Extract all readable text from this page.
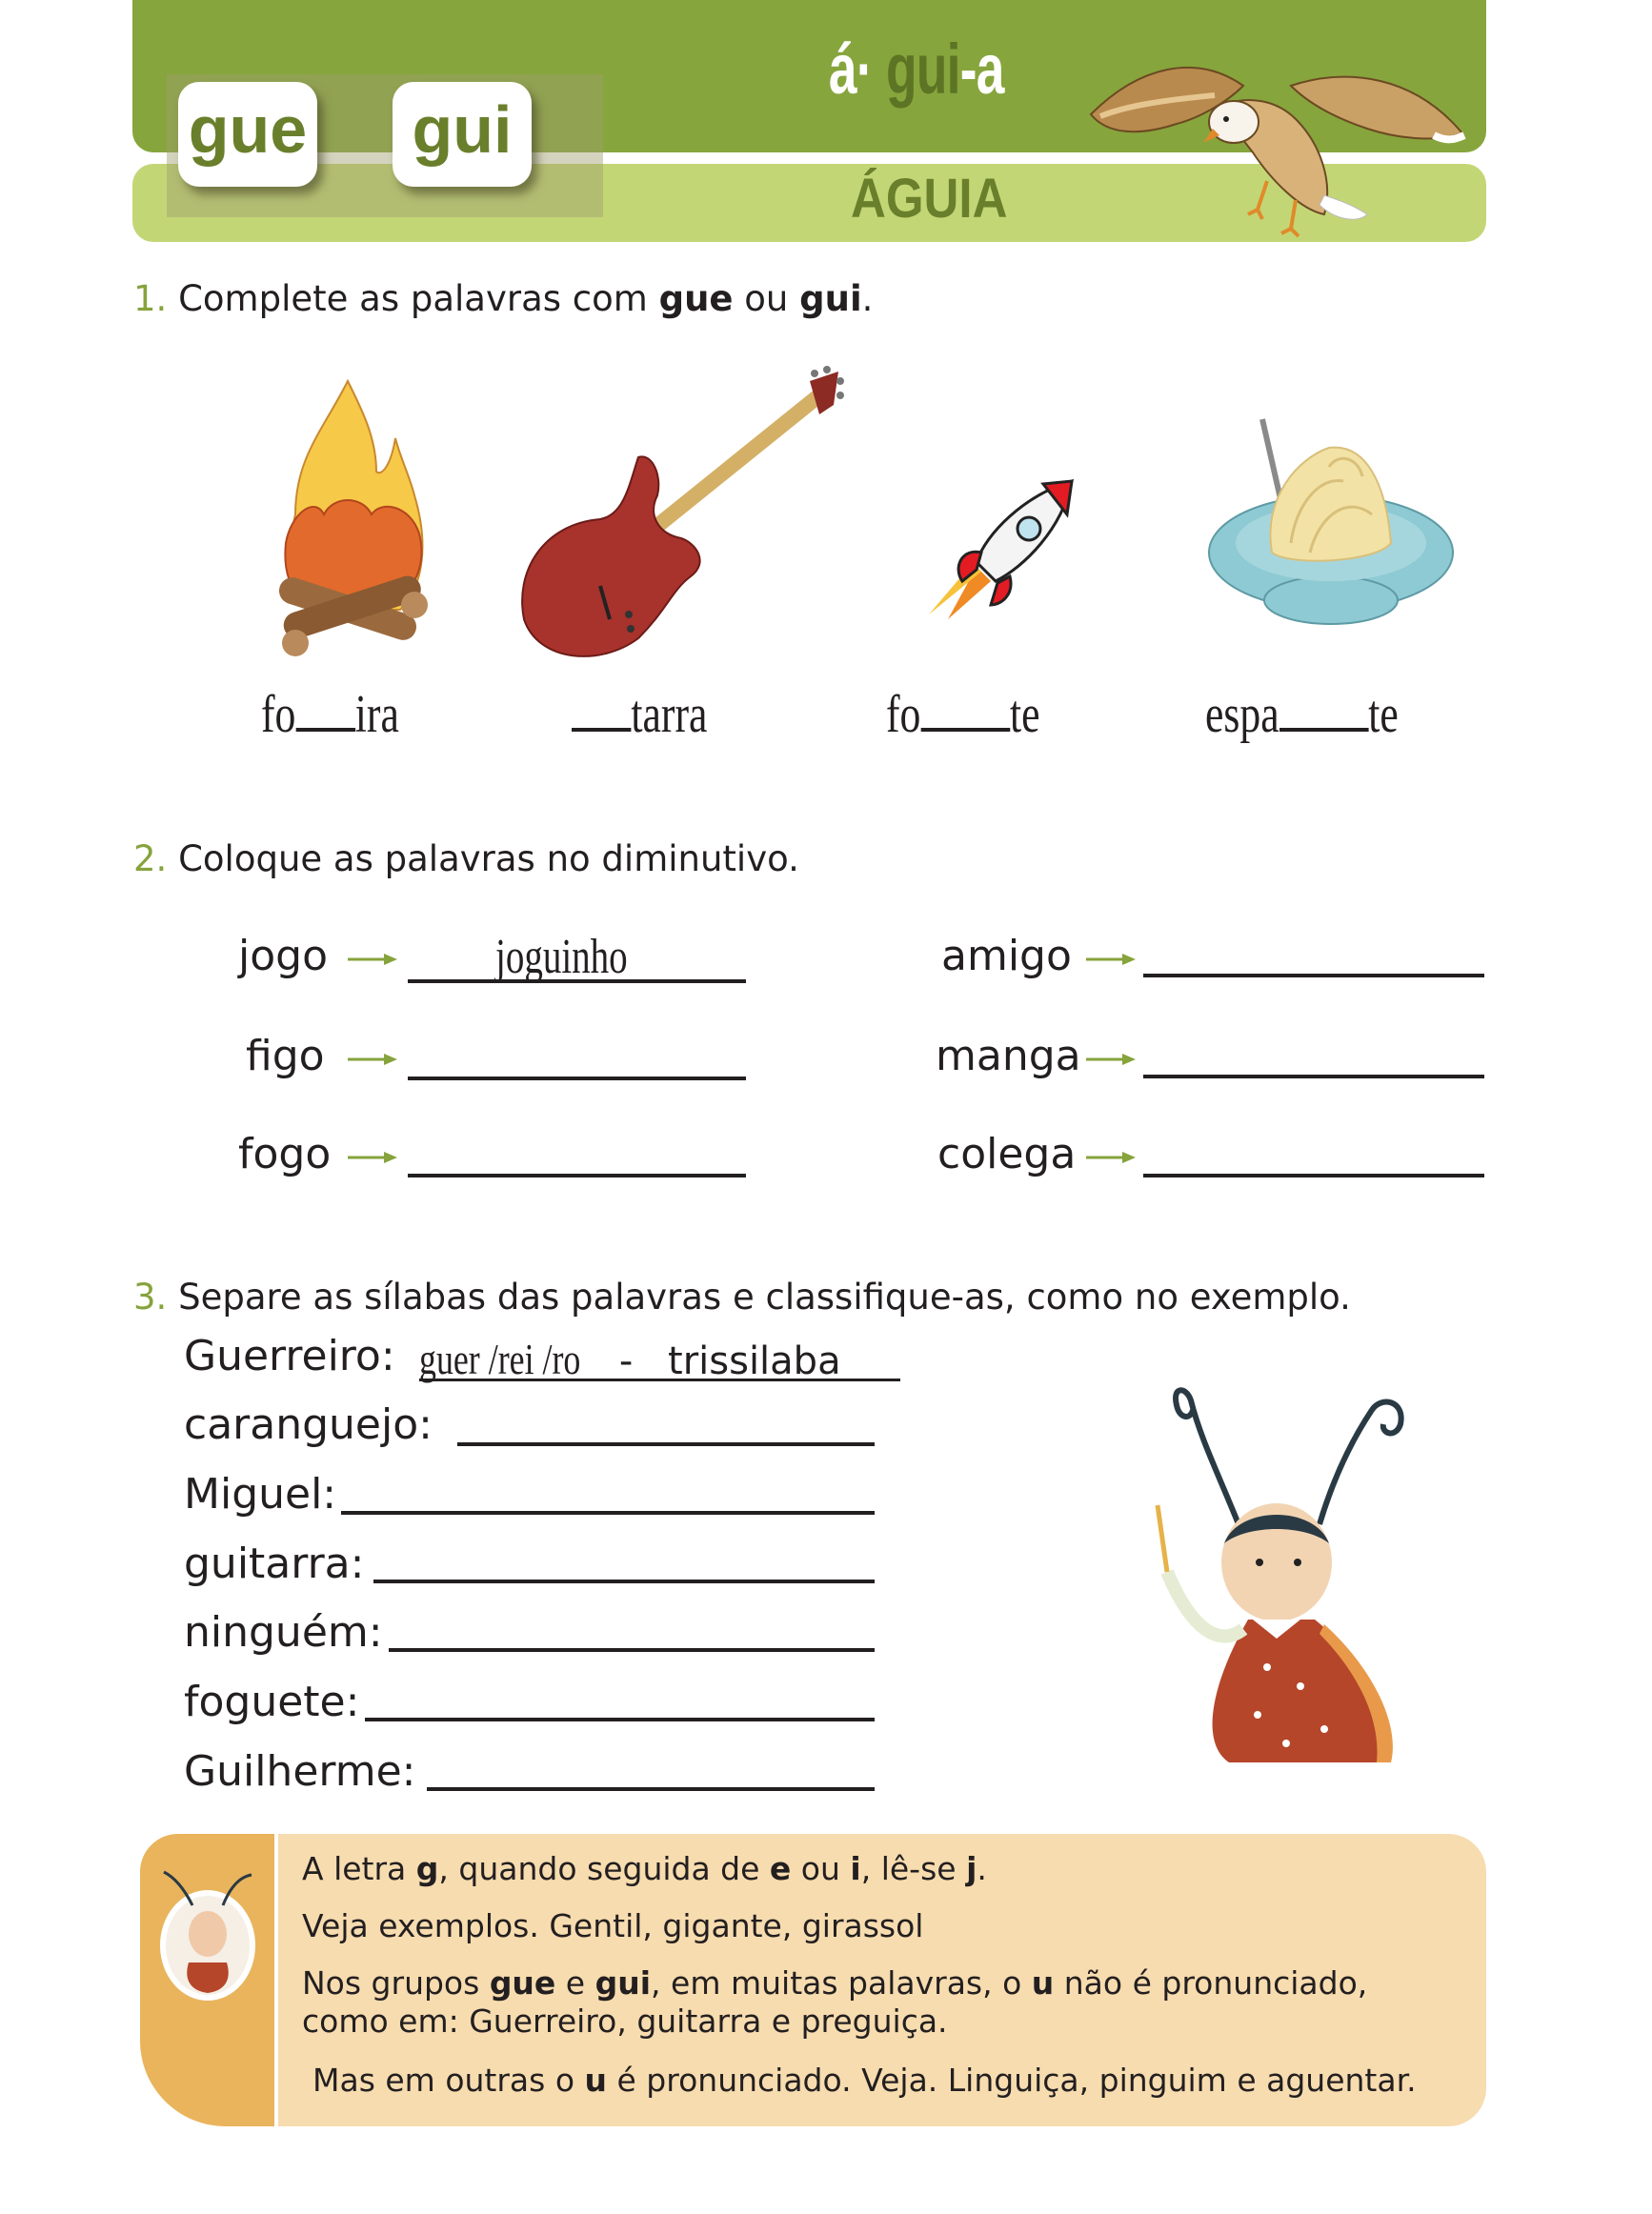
gue gui
á· gui-a
ÁGUIA
1. Complete as palavras com gue ou gui.
fo ira	tarra	fo te	espa te
2. Coloque as palavras no diminutivo.
jogo	joguinho
figo
fogo
amigo
manga
colega
3. Separe as sílabas das palavras e classifique-as, como no exemplo.
Guerreiro: guer /rei /ro - trissilaba
caranguejo:
Miguel:
guitarra:
ninguém:
foguete:
Guilherme:
A letra g, quando seguida de e ou i, lê-se j.
Veja exemplos. Gentil, gigante, girassol
Nos grupos gue e gui, em muitas palavras, o u não é pronunciado,
como em: Guerreiro, guitarra e preguiça.
Mas em outras o u é pronunciado. Veja. Linguiça, pinguim e aguentar.
